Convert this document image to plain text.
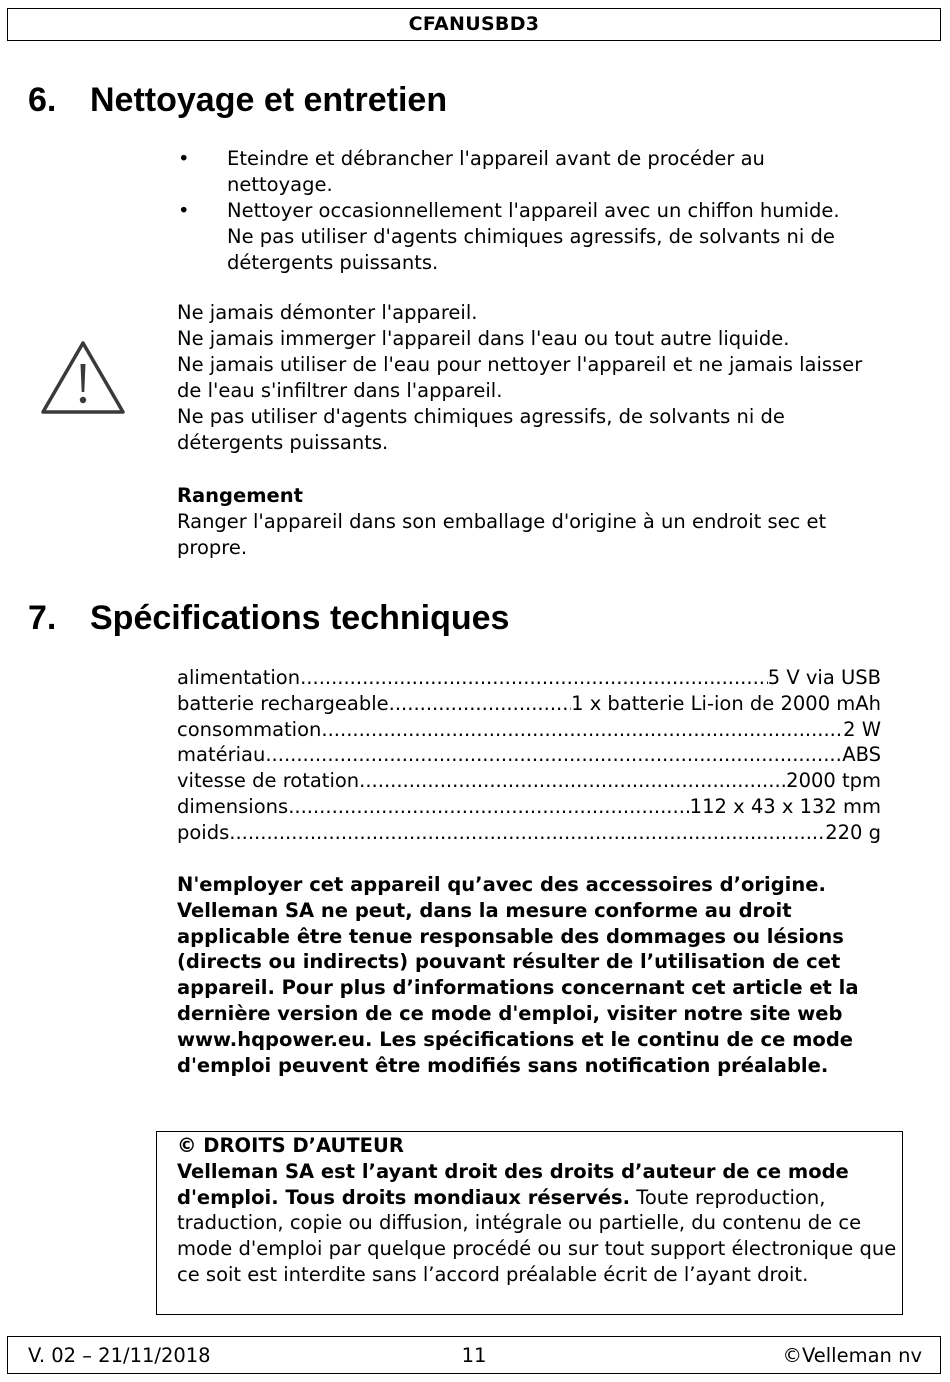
CFANUSBD3
6. Nettoyage et entretien
• Eteindre et débrancher l'appareil avant de procéder au nettoyage.
• Nettoyer occasionnellement l'appareil avec un chiffon humide. Ne pas utiliser d'agents chimiques agressifs, de solvants ni de détergents puissants.
Ne jamais démonter l'appareil.
Ne jamais immerger l'appareil dans l'eau ou tout autre liquide.
Ne jamais utiliser de l'eau pour nettoyer l'appareil et ne jamais laisser de l'eau s'infiltrer dans l'appareil.
Ne pas utiliser d'agents chimiques agressifs, de solvants ni de détergents puissants.
Rangement
Ranger l'appareil dans son emballage d'origine à un endroit sec et propre.
7. Spécifications techniques
alimentation .....	5 V via USB
batterie rechargeable .....	1 x batterie Li-ion de 2000 mAh
consommation .....	2 W
matériau .....	ABS
vitesse de rotation .....	2000 tpm
dimensions .....	112 x 43 x 132 mm
poids .....	220 g
N'employer cet appareil qu’avec des accessoires d’origine. Velleman SA ne peut, dans la mesure conforme au droit applicable être tenue responsable des dommages ou lésions (directs ou indirects) pouvant résulter de l’utilisation de cet appareil. Pour plus d’informations concernant cet article et la dernière version de ce mode d'emploi, visiter notre site web www.hqpower.eu. Les spécifications et le continu de ce mode d'emploi peuvent être modifiés sans notification préalable.
© DROITS D’AUTEUR
Velleman SA est l’ayant droit des droits d’auteur de ce mode d'emploi. Tous droits mondiaux réservés. Toute reproduction, traduction, copie ou diffusion, intégrale ou partielle, du contenu de ce mode d'emploi par quelque procédé ou sur tout support électronique que ce soit est interdite sans l’accord préalable écrit de l’ayant droit.
V. 02 – 21/11/2018	11	©Velleman nv
